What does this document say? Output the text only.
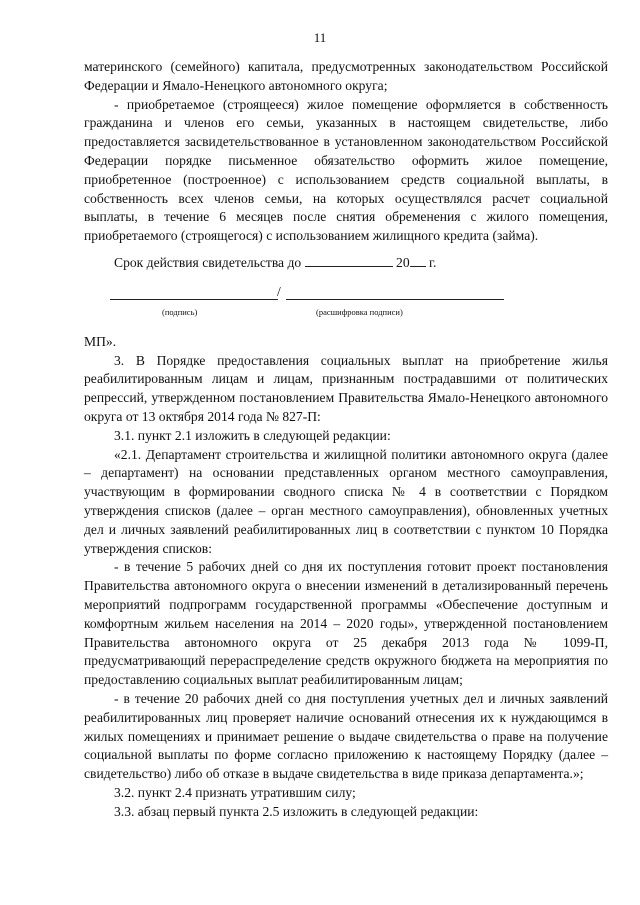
11

материнского (семейного) капитала, предусмотренных законодательством Российской Федерации и Ямало-Ненецкого автономного округа;

- приобретаемое (строящееся) жилое помещение оформляется в собственность гражданина и членов его семьи, указанных в настоящем свидетельстве, либо предоставляется засвидетельствованное в установленном законодательством Российской Федерации порядке письменное обязательство оформить жилое помещение, приобретенное (построенное) с использованием средств социальной выплаты, в собственность всех членов семьи, на которых осуществлялся расчет социальной выплаты, в течение 6 месяцев после снятия обременения с жилого помещения, приобретаемого (строящегося) с использованием жилищного кредита (займа).

Срок действия свидетельства до	20 г.

/
(подпись)	(расшифровка подписи)

МП».

3. В Порядке предоставления социальных выплат на приобретение жилья реабилитированным лицам и лицам, признанным пострадавшими от политических репрессий, утвержденном постановлением Правительства Ямало-Ненецкого автономного округа от 13 октября 2014 года № 827-П:

3.1. пункт 2.1 изложить в следующей редакции:

«2.1. Департамент строительства и жилищной политики автономного округа (далее – департамент) на основании представленных органом местного самоуправления, участвующим в формировании сводного списка № 4 в соответствии с Порядком утверждения списков (далее – орган местного самоуправления), обновленных учетных дел и личных заявлений реабилитированных лиц в соответствии с пунктом 10 Порядка утверждения списков:

- в течение 5 рабочих дней со дня их поступления готовит проект постановления Правительства автономного округа о внесении изменений в детализированный перечень мероприятий подпрограмм государственной программы «Обеспечение доступным и комфортным жильем населения на 2014 – 2020 годы», утвержденной постановлением Правительства автономного округа от 25 декабря 2013 года № 1099-П, предусматривающий перераспределение средств окружного бюджета на мероприятия по предоставлению социальных выплат реабилитированным лицам;

- в течение 20 рабочих дней со дня поступления учетных дел и личных заявлений реабилитированных лиц проверяет наличие оснований отнесения их к нуждающимся в жилых помещениях и принимает решение о выдаче свидетельства о праве на получение социальной выплаты по форме согласно приложению к настоящему Порядку (далее – свидетельство) либо об отказе в выдаче свидетельства в виде приказа департамента.»;

3.2. пункт 2.4 признать утратившим силу;

3.3. абзац первый пункта 2.5 изложить в следующей редакции:
